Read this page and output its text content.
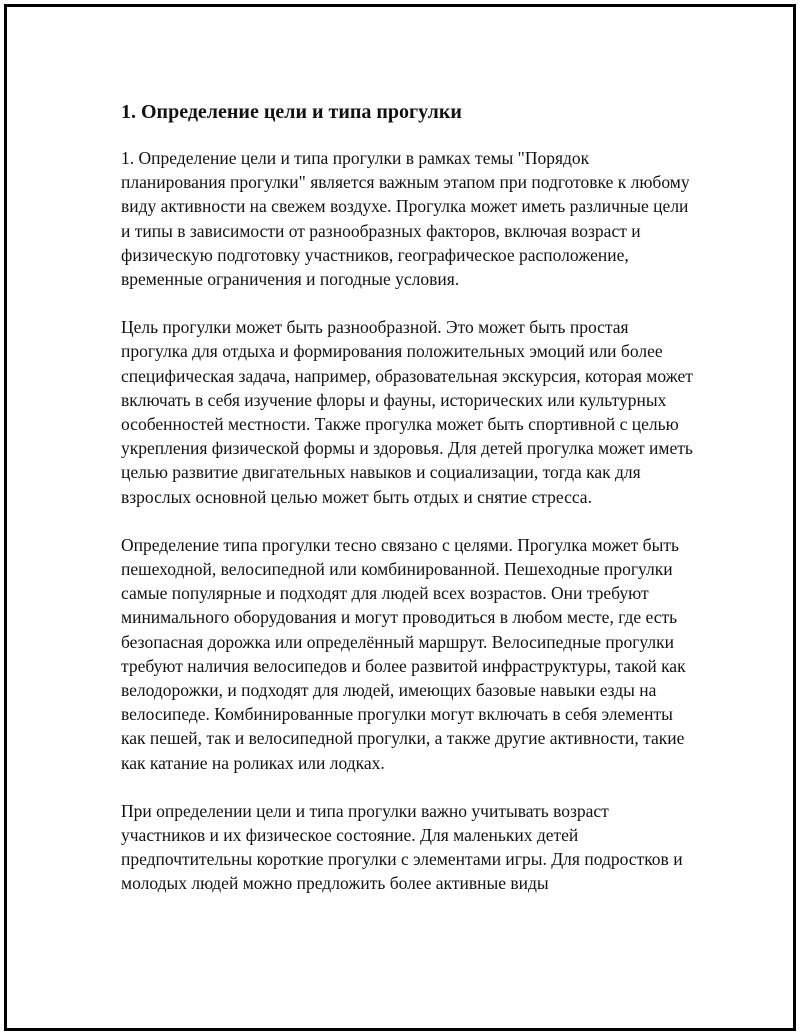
1. Определение цели и типа прогулки

1. Определение цели и типа прогулки в рамках темы "Порядок планирования прогулки" является важным этапом при подготовке к любому виду активности на свежем воздухе. Прогулка может иметь различные цели и типы в зависимости от разнообразных факторов, включая возраст и физическую подготовку участников, географическое расположение, временные ограничения и погодные условия.

Цель прогулки может быть разнообразной. Это может быть простая прогулка для отдыха и формирования положительных эмоций или более специфическая задача, например, образовательная экскурсия, которая может включать в себя изучение флоры и фауны, исторических или культурных особенностей местности. Также прогулка может быть спортивной с целью укрепления физической формы и здоровья. Для детей прогулка может иметь целью развитие двигательных навыков и социализации, тогда как для взрослых основной целью может быть отдых и снятие стресса.

Определение типа прогулки тесно связано с целями. Прогулка может быть пешеходной, велосипедной или комбинированной. Пешеходные прогулки самые популярные и подходят для людей всех возрастов. Они требуют минимального оборудования и могут проводиться в любом месте, где есть безопасная дорожка или определённый маршрут. Велосипедные прогулки требуют наличия велосипедов и более развитой инфраструктуры, такой как велодорожки, и подходят для людей, имеющих базовые навыки езды на велосипеде. Комбинированные прогулки могут включать в себя элементы как пешей, так и велосипедной прогулки, а также другие активности, такие как катание на роликах или лодках.

При определении цели и типа прогулки важно учитывать возраст участников и их физическое состояние. Для маленьких детей предпочтительны короткие прогулки с элементами игры. Для подростков и молодых людей можно предложить более активные виды
